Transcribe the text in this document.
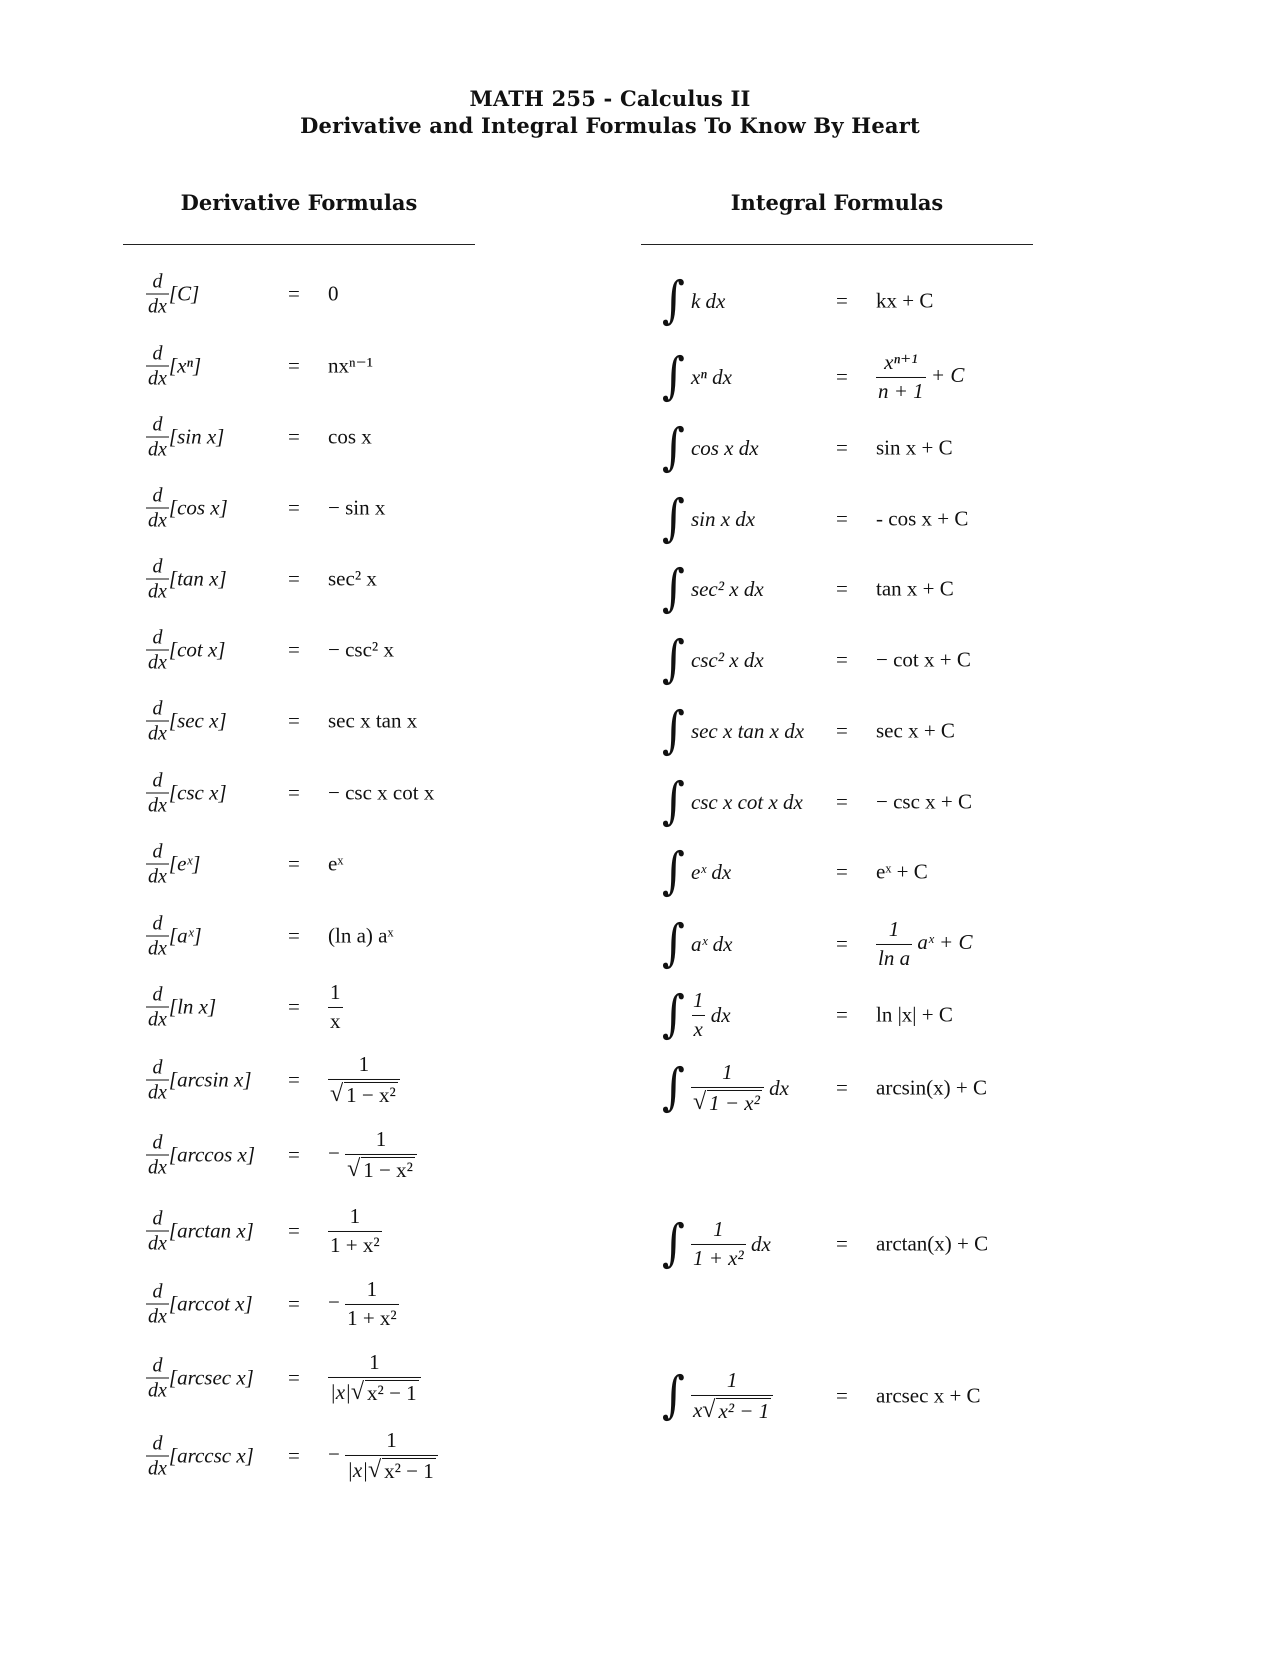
MATH 255 - Calculus II
Derivative and Integral Formulas To Know By Heart
Derivative Formulas	Integral Formulas
$\frac{d}{dx} [C]$	= 0
$\frac{d}{dx} [x^n]$	= nxⁿ⁻¹
$\frac{d}{dx} [\sin$ x]	= cos x
$\frac{d}{dx} [\cos$ x]	= − sin x
$\frac{d}{dx} [\tan$ x]	= sec² x
$\frac{d}{dx} [\cot$ x]	= − csc² x
$\frac{d}{dx} [\sec$ x]	= sec x tan x
$\frac{d}{dx} [\csc$ x]	= − csc x cot x
$\frac{d}{dx}$ [eˣ]	= eˣ
$\frac{d}{dx}$ [aˣ]	= (ln a) aˣ
$\frac{d}{dx} [\ln$ x]	= $\frac{1}{x}$
$\frac{d}{dx} [\arcsin$ $x] = \frac{1}{\text{√ 1 − x²}}$
$\frac{d}{dx} [\arccos$ x] = − $\frac{1}{\text{√ 1 − x²}}$
$\frac{d}{dx} [\arctan$ $x] = \frac{1}{\text{1 + x²}}$
$\frac{d}{dx} [arccot$ x] = − $\frac{1}{\text{1 + x²}}$
$\frac{d}{dx} [arcsec$ $x] = \frac{1}{\text{|x| √ x² − 1}}$
$\frac{d}{dx} [arccsc$ x] = − $\frac{1}{\text{|x| √ x² − 1}}$
∫ k dx	= kx + C
∫ xⁿ dx	= $\frac{\text{xⁿ⁺¹}}{n + 1} + C$
∫ cos x dx	= sin x + C
∫ sin x dx	= - cos x + C
∫ sec² x dx	= tan x + C
∫ csc² x dx	= − cot x + C
∫ sec x tan x dx = sec x + C
∫ csc x cot x dx = − csc x + C
∫ eˣ dx	= eˣ + C
∫ aˣ dx	= $\frac{1}{\text{ln a}}$ aˣ + C
∫ $\frac{1}{x}$ dx	= ln |x| + C
∫ $\frac{1}{\text{√ 1 − x²}}$ dx = arcsin(x) + C
∫ $\frac{1}{\text{1 + x²}}$ dx	= arctan(x) + C
∫ $\frac{1}{\text{x √ x² − 1}}$	= arcsec x + C
